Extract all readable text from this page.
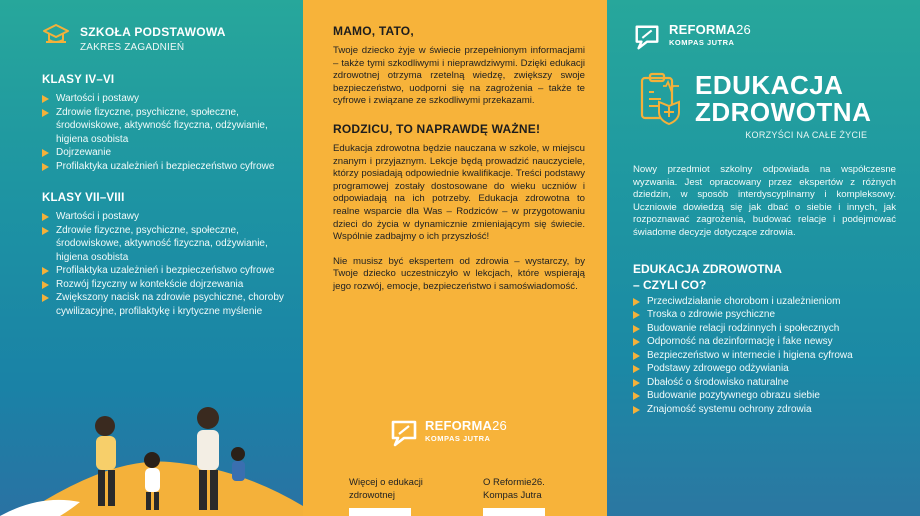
SZKOŁA PODSTAWOWA
ZAKRES ZAGADNIEŃ
KLASY IV–VI
Wartości i postawy
Zdrowie fizyczne, psychiczne, społeczne, środowiskowe, aktywność fizyczna, odżywianie, higiena osobista
Dojrzewanie
Profilaktyka uzależnień i bezpieczeństwo cyfrowe
KLASY VII–VIII
Wartości i postawy
Zdrowie fizyczne, psychiczne, społeczne, środowiskowe, aktywność fizyczna, odżywianie, higiena osobista
Profilaktyka uzależnień i bezpieczeństwo cyfrowe
Rozwój fizyczny w kontekście dojrzewania
Zwiększony nacisk na zdrowie psychiczne, choroby cywilizacyjne, profilaktykę i krytyczne myślenie
MAMO, TATO,

Twoje dziecko żyje w świecie przepełnionym informacjami – także tymi szkodliwymi i nieprawdziwymi. Dzięki edukacji zdrowotnej otrzyma rzetelną wiedzę, zwiększy swoje bezpieczeństwo, uodporni się na zagrożenia – także te cyfrowe i związane ze szkodliwymi przekazami.

RODZICU, TO NAPRAWDĘ WAŻNE!

Edukacja zdrowotna będzie nauczana w szkole, w miejscu znanym i przyjaznym. Lekcje będą prowadzić nauczyciele, którzy posiadają odpowiednie kwalifikacje. Treści podstawy programowej zostały dostosowane do wieku uczniów i odpowiadają na ich potrzeby. Edukacja zdrowotna to realne wsparcie dla Was – Rodziców – w przygotowaniu dzieci do życia w dynamicznie zmieniającym się świecie. Wspólnie zadbajmy o ich przyszłość!

Nie musisz być ekspertem od zdrowia – wystarczy, by Twoje dziecko uczestniczyło w lekcjach, które wspierają jego rozwój, emocje, bezpieczeństwo i samoświadomość.

REFORMA26
KOMPAS JUTRA
Więcej o edukacji zdrowotnej
O Reformie26. Kompas Jutra
REFORMA26
KOMPAS JUTRA
EDUKACJA
ZDROWOTNA
KORZYŚCI NA CAŁE ŻYCIE

Nowy przedmiot szkolny odpowiada na współczesne wyzwania. Jest opracowany przez ekspertów z różnych dziedzin, w sposób interdyscyplinarny i kompleksowy. Uczniowie dowiedzą się jak dbać o siebie i innych, jak rozpoznawać zagrożenia, budować relacje i podejmować świadome decyzje dotyczące zdrowia.

EDUKACJA ZDROWOTNA
– CZYLI CO?
Przeciwdziałanie chorobom i uzależnieniom
Troska o zdrowie psychiczne
Budowanie relacji rodzinnych i społecznych
Odporność na dezinformację i fake newsy
Bezpieczeństwo w internecie i higiena cyfrowa
Podstawy zdrowego odżywiania
Dbałość o środowisko naturalne
Budowanie pozytywnego obrazu siebie
Znajomość systemu ochrony zdrowia
